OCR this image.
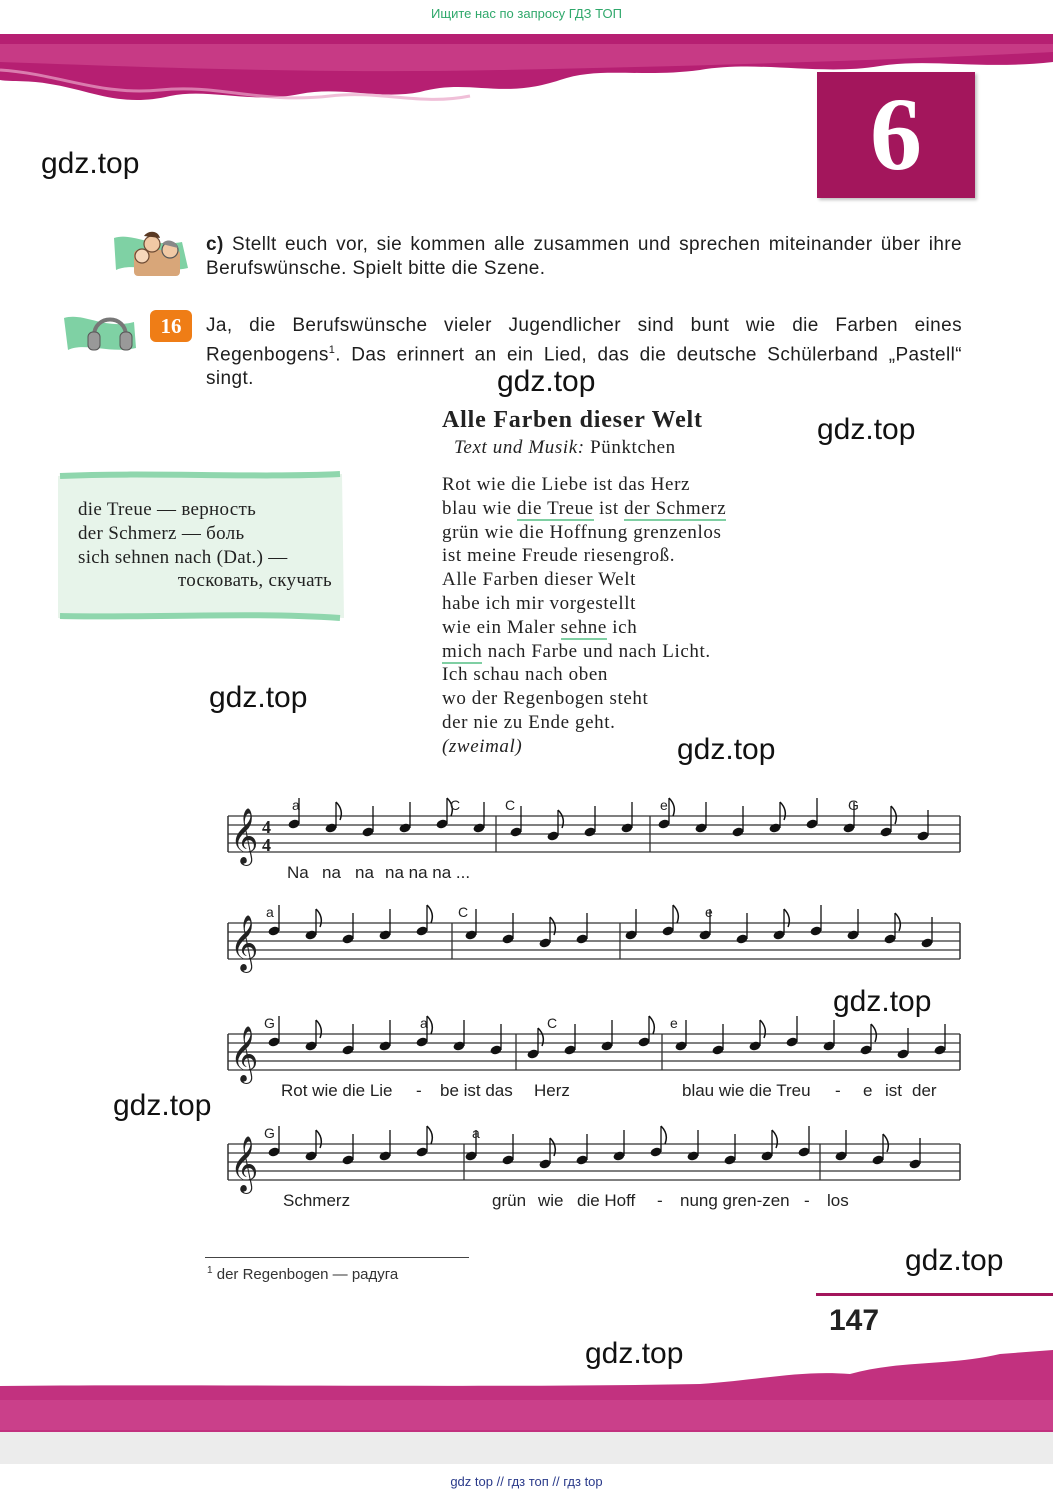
Ищите нас по запросу ГДЗ ТОП
6
gdz.top
gdz.top
gdz.top
gdz.top
gdz.top
gdz.top
gdz.top
gdz.top
gdz.top
c) Stellt euch vor, sie kommen alle zusammen und sprechen miteinander über ihre Berufswünsche. Spielt bitte die Szene.
16	Ja, die Berufswünsche vieler Jugendlicher sind bunt wie die Farben eines Regenbogens$^1$. Das erinnert an ein Lied, das die deutsche Schülerband „Pastell“ singt.
Alle Farben dieser Welt
Text und Musik: Pünktchen
Rot wie die Liebe ist das Herz
blau wie die Treue ist der Schmerz
grün wie die Hoffnung grenzenlos
ist meine Freude riesengroß.
Alle Farben dieser Welt
habe ich mir vorgestellt
wie ein Maler sehne ich
mich nach Farbe und nach Licht.
Ich schau nach oben
wo der Regenbogen steht
der nie zu Ende geht.
(zweimal)
die Treue — верность
der Schmerz — боль
sich sehnen nach (Dat.) —
тосковать, скучать
𝄞 4
4
a	C	C	e	G
Na na na na na na ...
𝄞
a	C	e
𝄞
G	a	C	e
Rot wie die Lie - be ist das Herz	blau wie die Treu - e ist der
𝄞
G	a
Schmerz	grün wie die Hoff - nung gren-zen - los
$^1$ der Regenbogen — радуга
147
gdz top // гдз топ // гдз top
